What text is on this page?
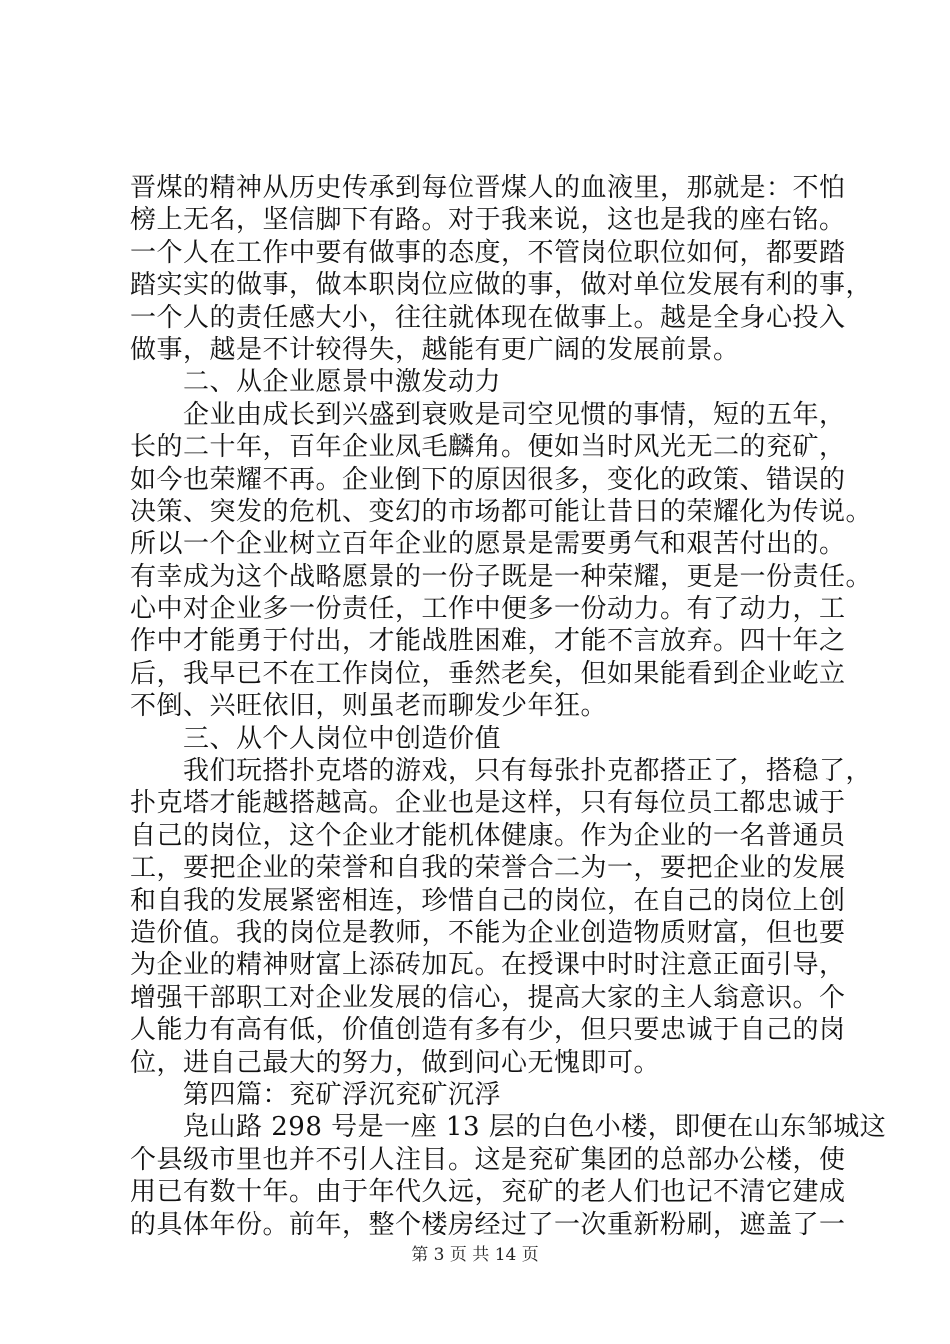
晋煤的精神从历史传承到每位晋煤人的血液里，那就是：不怕
榜上无名，坚信脚下有路。对于我来说，这也是我的座右铭。
一个人在工作中要有做事的态度，不管岗位职位如何，都要踏
踏实实的做事，做本职岗位应做的事，做对单位发展有利的事，
一个人的责任感大小，往往就体现在做事上。越是全身心投入
做事，越是不计较得失，越能有更广阔的发展前景。
　　二、从企业愿景中激发动力
　　企业由成长到兴盛到衰败是司空见惯的事情，短的五年，
长的二十年，百年企业凤毛麟角。便如当时风光无二的兖矿，
如今也荣耀不再。企业倒下的原因很多，变化的政策、错误的
决策、突发的危机、变幻的市场都可能让昔日的荣耀化为传说。
所以一个企业树立百年企业的愿景是需要勇气和艰苦付出的。
有幸成为这个战略愿景的一份子既是一种荣耀，更是一份责任。
心中对企业多一份责任，工作中便多一份动力。有了动力，工
作中才能勇于付出，才能战胜困难，才能不言放弃。四十年之
后，我早已不在工作岗位，垂然老矣，但如果能看到企业屹立
不倒、兴旺依旧，则虽老而聊发少年狂。
　　三、从个人岗位中创造价值
　　我们玩搭扑克塔的游戏，只有每张扑克都搭正了，搭稳了，
扑克塔才能越搭越高。企业也是这样，只有每位员工都忠诚于
自己的岗位，这个企业才能机体健康。作为企业的一名普通员
工，要把企业的荣誉和自我的荣誉合二为一，要把企业的发展
和自我的发展紧密相连，珍惜自己的岗位，在自己的岗位上创
造价值。我的岗位是教师，不能为企业创造物质财富，但也要
为企业的精神财富上添砖加瓦。在授课中时时注意正面引导，
增强干部职工对企业发展的信心，提高大家的主人翁意识。个
人能力有高有低，价值创造有多有少，但只要忠诚于自己的岗
位，进自己最大的努力，做到问心无愧即可。
　　第四篇：兖矿浮沉兖矿沉浮
　　凫山路 298 号是一座 13 层的白色小楼，即便在山东邹城这
个县级市里也并不引人注目。这是兖矿集团的总部办公楼，使
用已有数十年。由于年代久远，兖矿的老人们也记不清它建成
的具体年份。前年，整个楼房经过了一次重新粉刷，遮盖了一
第 3 页 共 14 页
